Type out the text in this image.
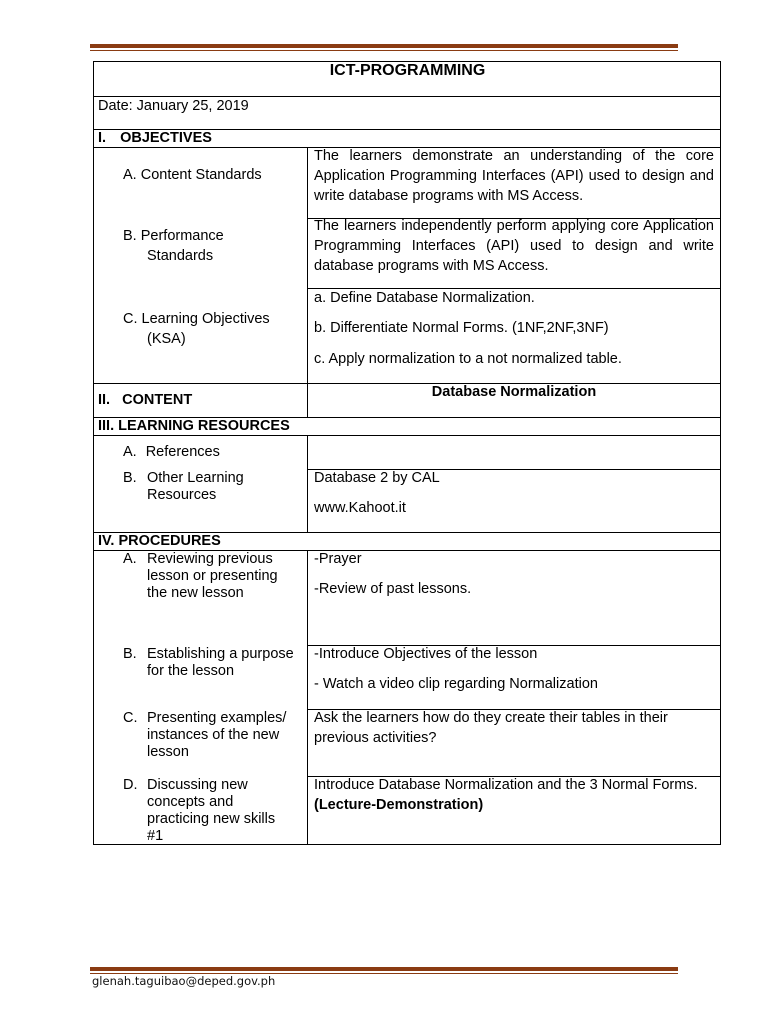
ICT-PROGRAMMING
Date: January 25, 2019
I. OBJECTIVES
A. Content Standards
The learners demonstrate an understanding of the core Application Programming Interfaces (API) used to design and write database programs with MS Access.

B. Performance

Standards

The learners independently perform applying core Application Programming Interfaces (API) used to design and write database programs with MS Access.

C. Learning Objectives

(KSA)

a. Define Database Normalization.

b. Differentiate Normal Forms. (1NF,2NF,3NF)

c. Apply normalization to a not normalized table.

II. CONTENT	Database Normalization
III. LEARNING RESOURCES
A. References
B. Other Learning Resources

Database 2 by CAL

www.Kahoot.it

IV. PROCEDURES
A. Reviewing previous lesson or presenting the new lesson

-Prayer

-Review of past lessons.

B. Establishing a purpose for the lesson

-Introduce Objectives of the lesson

- Watch a video clip regarding Normalization

C. Presenting examples/ instances of the new lesson
Ask the learners how do they create their tables in their previous activities?
D. Discussing new concepts and practicing new skills #1
Introduce Database Normalization and the 3 Normal Forms. (Lecture-Demonstration)
glenah.taguibao@deped.gov.ph
